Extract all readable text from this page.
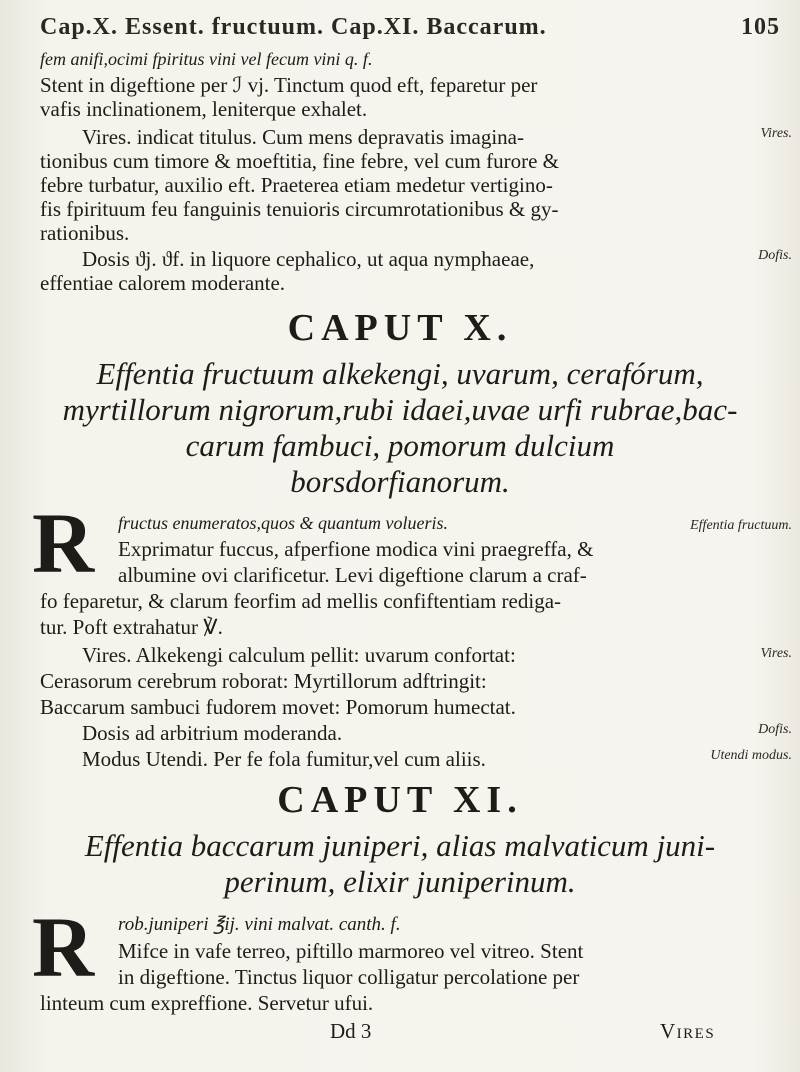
Cap.X. Essent. fructuum. Cap.XI. Baccarum.	105
fem anifi,ocimi fpiritus vini vel fecum vini q. f.
Stent in digeftione per ℐ vj. Tinctum quod eft, feparetur per
vafis inclinationem, leniterque exhalet.
Vires. indicat titulus. Cum mens depravatis imagina-
tionibus cum timore & moeftitia, fine febre, vel cum furore &
febre turbatur, auxilio eft. Praeterea etiam medetur vertigino-
fis fpirituum feu fanguinis tenuioris circumrotationibus & gy-
rationibus.
Dosis ϑj. ϑf. in liquore cephalico, ut aqua nymphaeae,
effentiae calorem moderante.
Vires.
Dofis.
CAPUT X.
Effentia fructuum alkekengi, uvarum, cerafórum,
myrtillorum nigrorum,rubi idaei,uvae urfi rubrae,bac-
carum fambuci, pomorum dulcium
borsdorfianorum.
R fructus enumeratos,quos & quantum volueris.
Exprimatur fuccus, afperfione modica vini praegreffa, &
albumine ovi clarificetur. Levi digeftione clarum a craf-
fo feparetur, & clarum feorfim ad mellis confiftentiam rediga-
tur. Poft extrahatur ℣.
Vires. Alkekengi calculum pellit: uvarum confortat:
Cerasorum cerebrum roborat: Myrtillorum adftringit:
Baccarum sambuci fudorem movet: Pomorum humectat.
Dosis ad arbitrium moderanda.
Modus Utendi. Per fe fola fumitur,vel cum aliis.
Effentia fructuum.
Vires.
Dofis.
Utendi modus.
CAPUT XI.
Effentia baccarum juniperi, alias malvaticum juni-
perinum, elixir juniperinum.
R rob.juniperi ℥ij. vini malvat. canth. f.
Mifce in vafe terreo, piftillo marmoreo vel vitreo. Stent
in digeftione. Tinctus liquor colligatur percolatione per
linteum cum expreffione. Servetur ufui.
Dd 3	Vires
